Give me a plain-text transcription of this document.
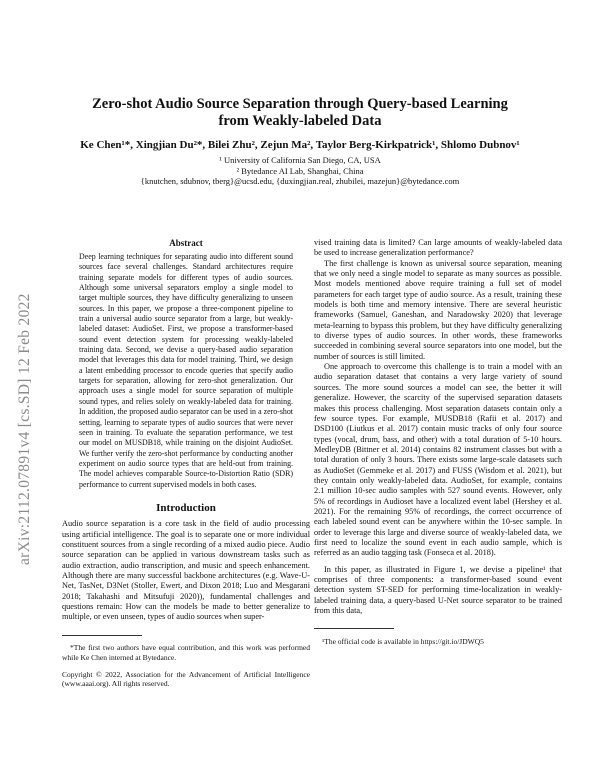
arXiv:2112.07891v4 [cs.SD] 12 Feb 2022
Zero-shot Audio Source Separation through Query-based Learning
from Weakly-labeled Data
Ke Chen¹*, Xingjian Du²*, Bilei Zhu², Zejun Ma², Taylor Berg-Kirkpatrick¹, Shlomo Dubnov¹
¹ University of California San Diego, CA, USA
² Bytedance AI Lab, Shanghai, China
{knutchen, sdubnov, tberg}@ucsd.edu, {duxingjian.real, zhubilei, mazejun}@bytedance.com
Abstract

Deep learning techniques for separating audio into different sound sources face several challenges. Standard architectures require training separate models for different types of audio sources. Although some universal separators employ a single model to target multiple sources, they have difficulty generalizing to unseen sources. In this paper, we propose a three-component pipeline to train a universal audio source separator from a large, but weakly-labeled dataset: AudioSet. First, we propose a transformer-based sound event detection system for processing weakly-labeled training data. Second, we devise a query-based audio separation model that leverages this data for model training. Third, we design a latent embedding processor to encode queries that specify audio targets for separation, allowing for zero-shot generalization. Our approach uses a single model for source separation of multiple sound types, and relies solely on weakly-labeled data for training. In addition, the proposed audio separator can be used in a zero-shot setting, learning to separate types of audio sources that were never seen in training. To evaluate the separation performance, we test our model on MUSDB18, while training on the disjoint AudioSet. We further verify the zero-shot performance by conducting another experiment on audio source types that are held-out from training. The model achieves comparable Source-to-Distortion Ratio (SDR) performance to current supervised models in both cases.

Introduction

Audio source separation is a core task in the field of audio processing using artificial intelligence. The goal is to separate one or more individual constituent sources from a single recording of a mixed audio piece. Audio source separation can be applied in various downstream tasks such as audio extraction, audio transcription, and music and speech enhancement. Although there are many successful backbone architectures (e.g. Wave-U-Net, TasNet, D3Net (Stoller, Ewert, and Dixon 2018; Luo and Mesgarani 2018; Takahashi and Mitsufuji 2020)), fundamental challenges and questions remain: How can the models be made to better generalize to multiple, or even unseen, types of audio sources when super-

*The first two authors have equal contribution, and this work was performed while Ke Chen interned at Bytedance.

Copyright © 2022, Association for the Advancement of Artificial Intelligence (www.aaai.org). All rights reserved.

vised training data is limited? Can large amounts of weakly-labeled data be used to increase generalization performance?

The first challenge is known as universal source separation, meaning that we only need a single model to separate as many sources as possible. Most models mentioned above require training a full set of model parameters for each target type of audio source. As a result, training these models is both time and memory intensive. There are several heuristic frameworks (Samuel, Ganeshan, and Naradowsky 2020) that leverage meta-learning to bypass this problem, but they have difficulty generalizing to diverse types of audio sources. In other words, these frameworks succeeded in combining several source separators into one model, but the number of sources is still limited.

One approach to overcome this challenge is to train a model with an audio separation dataset that contains a very large variety of sound sources. The more sound sources a model can see, the better it will generalize. However, the scarcity of the supervised separation datasets makes this process challenging. Most separation datasets contain only a few source types. For example, MUSDB18 (Rafii et al. 2017) and DSD100 (Liutkus et al. 2017) contain music tracks of only four source types (vocal, drum, bass, and other) with a total duration of 5-10 hours. MedleyDB (Bittner et al. 2014) contains 82 instrument classes but with a total duration of only 3 hours. There exists some large-scale datasets such as AudioSet (Gemmeke et al. 2017) and FUSS (Wisdom et al. 2021), but they contain only weakly-labeled data. AudioSet, for example, contains 2.1 million 10-sec audio samples with 527 sound events. However, only 5% of recordings in Audioset have a localized event label (Hershey et al. 2021). For the remaining 95% of recordings, the correct occurrence of each labeled sound event can be anywhere within the 10-sec sample. In order to leverage this large and diverse source of weakly-labeled data, we first need to localize the sound event in each audio sample, which is referred as an audio tagging task (Fonseca et al. 2018).

In this paper, as illustrated in Figure 1, we devise a pipeline¹ that comprises of three components: a transformer-based sound event detection system ST-SED for performing time-localization in weakly-labeled training data, a query-based U-Net source separator to be trained from this data,

¹The official code is available in https://git.io/JDWQ5
